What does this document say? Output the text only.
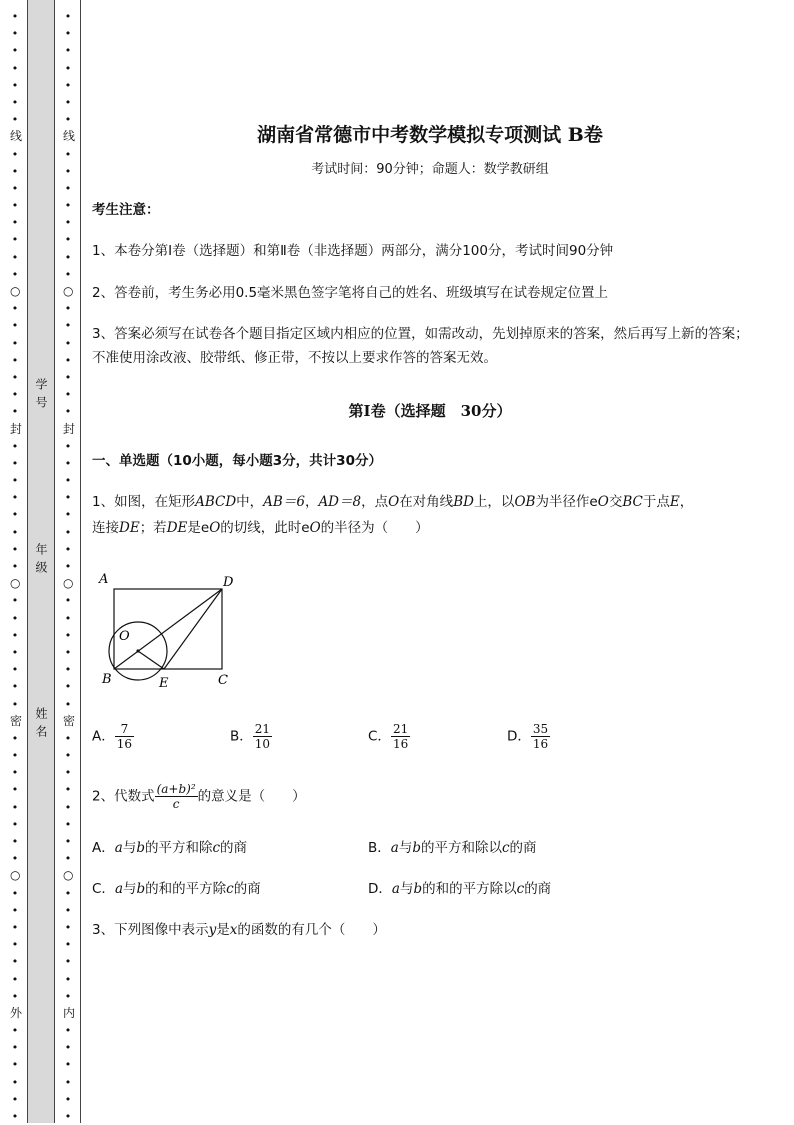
•
•
•
•
•
•
•
线
•
•
•
•
•
•
•
•
○
•
•
•
•
•
•
•
封
•
•
•
•
•
•
•
•
○
•
•
•
•
•
•
•
密
•
•
•
•
•
•
•
•
○
•
•
•
•
•
•
•
外
•
•
•
•
•
•
•
•
•
•
•
•
•
线
•
•
•
•
•
•
•
•
○
•
•
•
•
•
•
•
封
•
•
•
•
•
•
•
•
○
•
•
•
•
•
•
•
密
•
•
•
•
•
•
•
•
○
•
•
•
•
•
•
•
内
•
•
•
•
•
•
学号
年级
姓名
湖南省常德市中考数学模拟专项测试 B卷
考试时间：90分钟；命题人：数学教研组
考生注意：
1、本卷分第I卷（选择题）和第Ⅱ卷（非选择题）两部分，满分100分，考试时间90分钟
2、答卷前，考生务必用0.5毫米黑色签字笔将自己的姓名、班级填写在试卷规定位置上
3、答案必须写在试卷各个题目指定区域内相应的位置，如需改动，先划掉原来的答案，然后再写上新的答案；不准使用涂改液、胶带纸、修正带，不按以上要求作答的答案无效。
第I卷（选择题　30分）
一、单选题（10小题，每小题3分，共计30分）
1、如图，在矩形ABCD中，AB＝6，AD＝8，点O在对角线BD上，以OB为半径作eO交BC于点E，
连接DE；若DE是eO的切线，此时eO的半径为（　　）
A	D
B	C
E
O
A． $\frac{7}{16}$	B． $\frac{21}{10}$	C． $\frac{21}{16}$	D． $\frac{35}{16}$
2、代数式 $\frac{\text{(a+b)²}}{c}$ 的意义是（　　）
A．a与b的平方和除c的商	B．a与b的平方和除以c的商
C．a与b的和的平方除c的商	D．a与b的和的平方除以c的商
3、下列图像中表示y是x的函数的有几个（　　）
